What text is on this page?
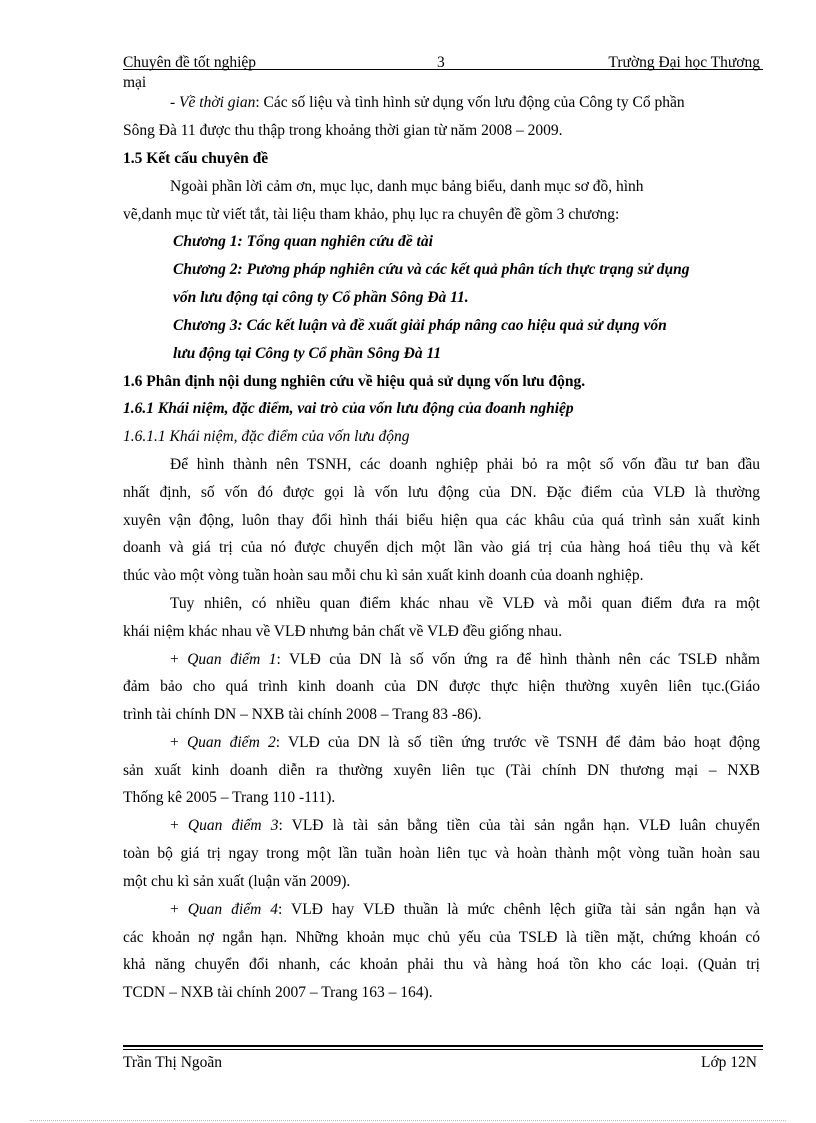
Chuyên đề tốt nghiệp	3	Trường Đại học Thương
mại
- Về thời gian: Các số liệu và tình hình sử dụng vốn lưu động của Công ty Cổ phần
Sông Đà 11 được thu thập trong khoảng thời gian từ năm 2008 – 2009.
1.5 Kết cấu chuyên đề
Ngoài phần lời cảm ơn, mục lục, danh mục bảng biểu, danh mục sơ đồ, hình
vẽ,danh mục từ viết tắt, tài liệu tham khảo, phụ lục ra chuyên đề gồm 3 chương:
Chương 1: Tổng quan nghiên cứu đề tài
Chương 2: Pương pháp nghiên cứu và các kết quả phân tích thực trạng sử dụng
vốn lưu động tại công ty Cổ phần Sông Đà 11.
Chương 3: Các kết luận và đề xuất giải pháp nâng cao hiệu quả sử dụng vốn
lưu động tại Công ty Cổ phần Sông Đà 11
1.6 Phân định nội dung nghiên cứu về hiệu quả sử dụng vốn lưu động.
1.6.1 Khái niệm, đặc điểm, vai trò của vốn lưu động của đoanh nghiệp
1.6.1.1 Khái niệm, đặc điểm của vốn lưu động
Để hình thành nên TSNH, các doanh nghiệp phải bỏ ra một số vốn đầu tư ban đầu
nhất định, số vốn đó được gọi là vốn lưu động của DN. Đặc điểm của VLĐ là thường
xuyên vận động, luôn thay đổi hình thái biểu hiện qua các khâu của quá trình sản xuất kinh
doanh và giá trị của nó được chuyển dịch một lần vào giá trị của hàng hoá tiêu thụ và kết
thúc vào một vòng tuần hoàn sau mỗi chu kì sản xuất kinh doanh của doanh nghiệp.
Tuy nhiên, có nhiều quan điểm khác nhau về VLĐ và mỗi quan điểm đưa ra một
khái niệm khác nhau về VLĐ nhưng bản chất về VLĐ đều giống nhau.
+ Quan điểm 1: VLĐ của DN là số vốn ứng ra để hình thành nên các TSLĐ nhằm
đảm bảo cho quá trình kinh doanh của DN được thực hiện thường xuyên liên tục.(Giáo
trình tài chính DN – NXB tài chính 2008 – Trang 83 -86).
+ Quan điểm 2: VLĐ của DN là số tiền ứng trước về TSNH để đảm bảo hoạt động
sản xuất kinh doanh diễn ra thường xuyên liên tục (Tài chính DN thương mại – NXB
Thống kê 2005 – Trang 110 -111).
+ Quan điểm 3: VLĐ là tài sản bằng tiền của tài sản ngắn hạn. VLĐ luân chuyển
toàn bộ giá trị ngay trong một lần tuần hoàn liên tục và hoàn thành một vòng tuần hoàn sau
một chu kì sản xuất (luận văn 2009).
+ Quan điểm 4: VLĐ hay VLĐ thuần là mức chênh lệch giữa tài sản ngắn hạn và
các khoản nợ ngắn hạn. Những khoản mục chủ yếu của TSLĐ là tiền mặt, chứng khoán có
khả năng chuyển đổi nhanh, các khoản phải thu và hàng hoá tồn kho các loại. (Quản trị
TCDN – NXB tài chính 2007 – Trang 163 – 164).
Trần Thị Ngoãn	Lớp 12N
